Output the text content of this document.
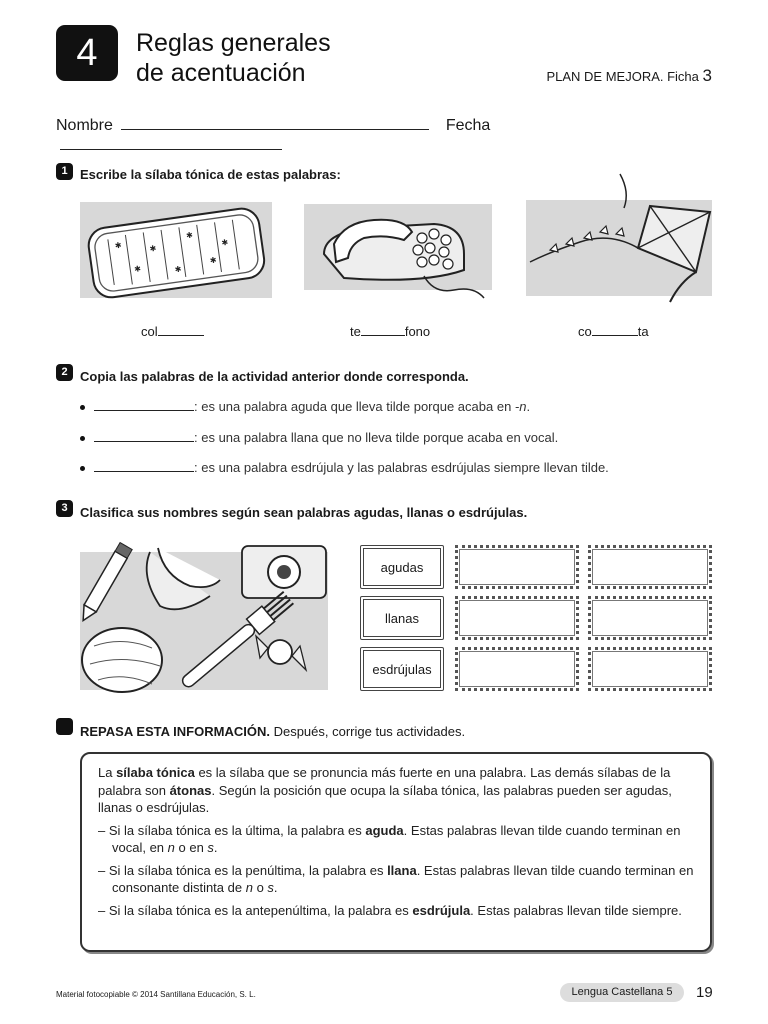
4	Reglas generales
de acentuación	PLAN DE MEJORA. Ficha 3
Nombre	Fecha
1 Escribe la sílaba tónica de estas palabras:
✱	✱
✱
✱
✱	✱
✱
col	te	fono	co	ta
2 Copia las palabras de la actividad anterior donde corresponda.
: es una palabra aguda que lleva tilde porque acaba en -n.
: es una palabra llana que no lleva tilde porque acaba en vocal.
: es una palabra esdrújula y las palabras esdrújulas siempre llevan tilde.
3 Clasifica sus nombres según sean palabras agudas, llanas o esdrújulas.
agudas
llanas
esdrújulas
REPASA ESTA INFORMACIÓN. Después, corrige tus actividades.

La sílaba tónica es la sílaba que se pronuncia más fuerte en una palabra. Las demás sílabas de la palabra son átonas. Según la posición que ocupa la sílaba tónica, las palabras pueden ser agudas, llanas o esdrújulas.

– Si la sílaba tónica es la última, la palabra es aguda. Estas palabras llevan tilde cuando terminan en vocal, en n o en s.

– Si la sílaba tónica es la penúltima, la palabra es llana. Estas palabras llevan tilde cuando terminan en consonante distinta de n o s.

– Si la sílaba tónica es la antepenúltima, la palabra es esdrújula. Estas palabras llevan tilde siempre.

Material fotocopiable © 2014 Santillana Educación, S. L.	Lengua Castellana 5	19
